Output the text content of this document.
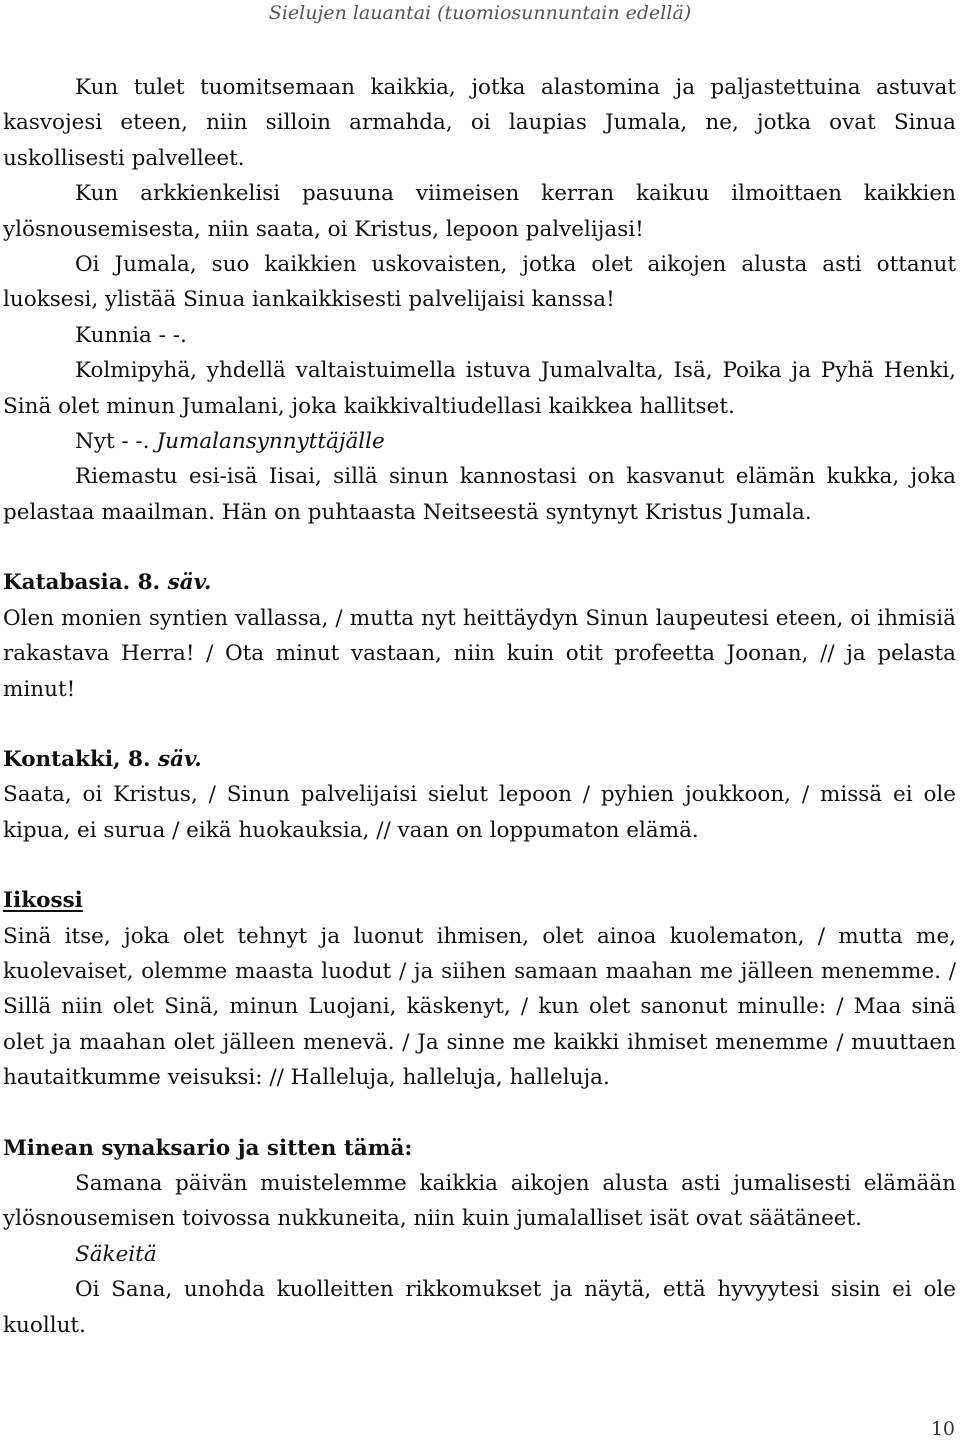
Sielujen lauantai (tuomiosunnuntain edellä)

Kun tulet tuomitsemaan kaikkia, jotka alastomina ja paljastettuina astuvat kasvojesi eteen, niin silloin armahda, oi laupias Jumala, ne, jotka ovat Sinua uskollisesti palvelleet.

Kun arkkienkelisi pasuuna viimeisen kerran kaikuu ilmoittaen kaikkien ylösnousemisesta, niin saata, oi Kristus, lepoon palvelijasi!

Oi Jumala, suo kaikkien uskovaisten, jotka olet aikojen alusta asti ottanut luoksesi, ylistää Sinua iankaikkisesti palvelijaisi kanssa!

Kunnia - -.

Kolmipyhä, yhdellä valtaistuimella istuva Jumalvalta, Isä, Poika ja Pyhä Henki, Sinä olet minun Jumalani, joka kaikkivaltiudellasi kaikkea hallitset.

Nyt - -. Jumalansynnyttäjälle

Riemastu esi-isä Iisai, sillä sinun kannostasi on kasvanut elämän kukka, joka pelastaa maailman. Hän on puhtaasta Neitseestä syntynyt Kristus Jumala.

Katabasia. 8. säv.

Olen monien syntien vallassa, / mutta nyt heittäydyn Sinun laupeutesi eteen, oi ihmisiä rakastava Herra! / Ota minut vastaan, niin kuin otit profeetta Joonan, // ja pelasta minut!

Kontakki, 8. säv.

Saata, oi Kristus, / Sinun palvelijaisi sielut lepoon / pyhien joukkoon, / missä ei ole kipua, ei surua / eikä huokauksia, // vaan on loppumaton elämä.

Iikossi

Sinä itse, joka olet tehnyt ja luonut ihmisen, olet ainoa kuolematon, / mutta me, kuolevaiset, olemme maasta luodut / ja siihen samaan maahan me jälleen menemme. / Sillä niin olet Sinä, minun Luojani, käskenyt, / kun olet sanonut minulle: / Maa sinä olet ja maahan olet jälleen menevä. / Ja sinne me kaikki ihmiset menemme / muuttaen hautaitkumme veisuksi: // Halleluja, halleluja, halleluja.

Minean synaksario ja sitten tämä:

Samana päivän muistelemme kaikkia aikojen alusta asti jumalisesti elämään ylösnousemisen toivossa nukkuneita, niin kuin jumalalliset isät ovat säätäneet.

Säkeitä

Oi Sana, unohda kuolleitten rikkomukset ja näytä, että hyvyytesi sisin ei ole kuollut.

10
